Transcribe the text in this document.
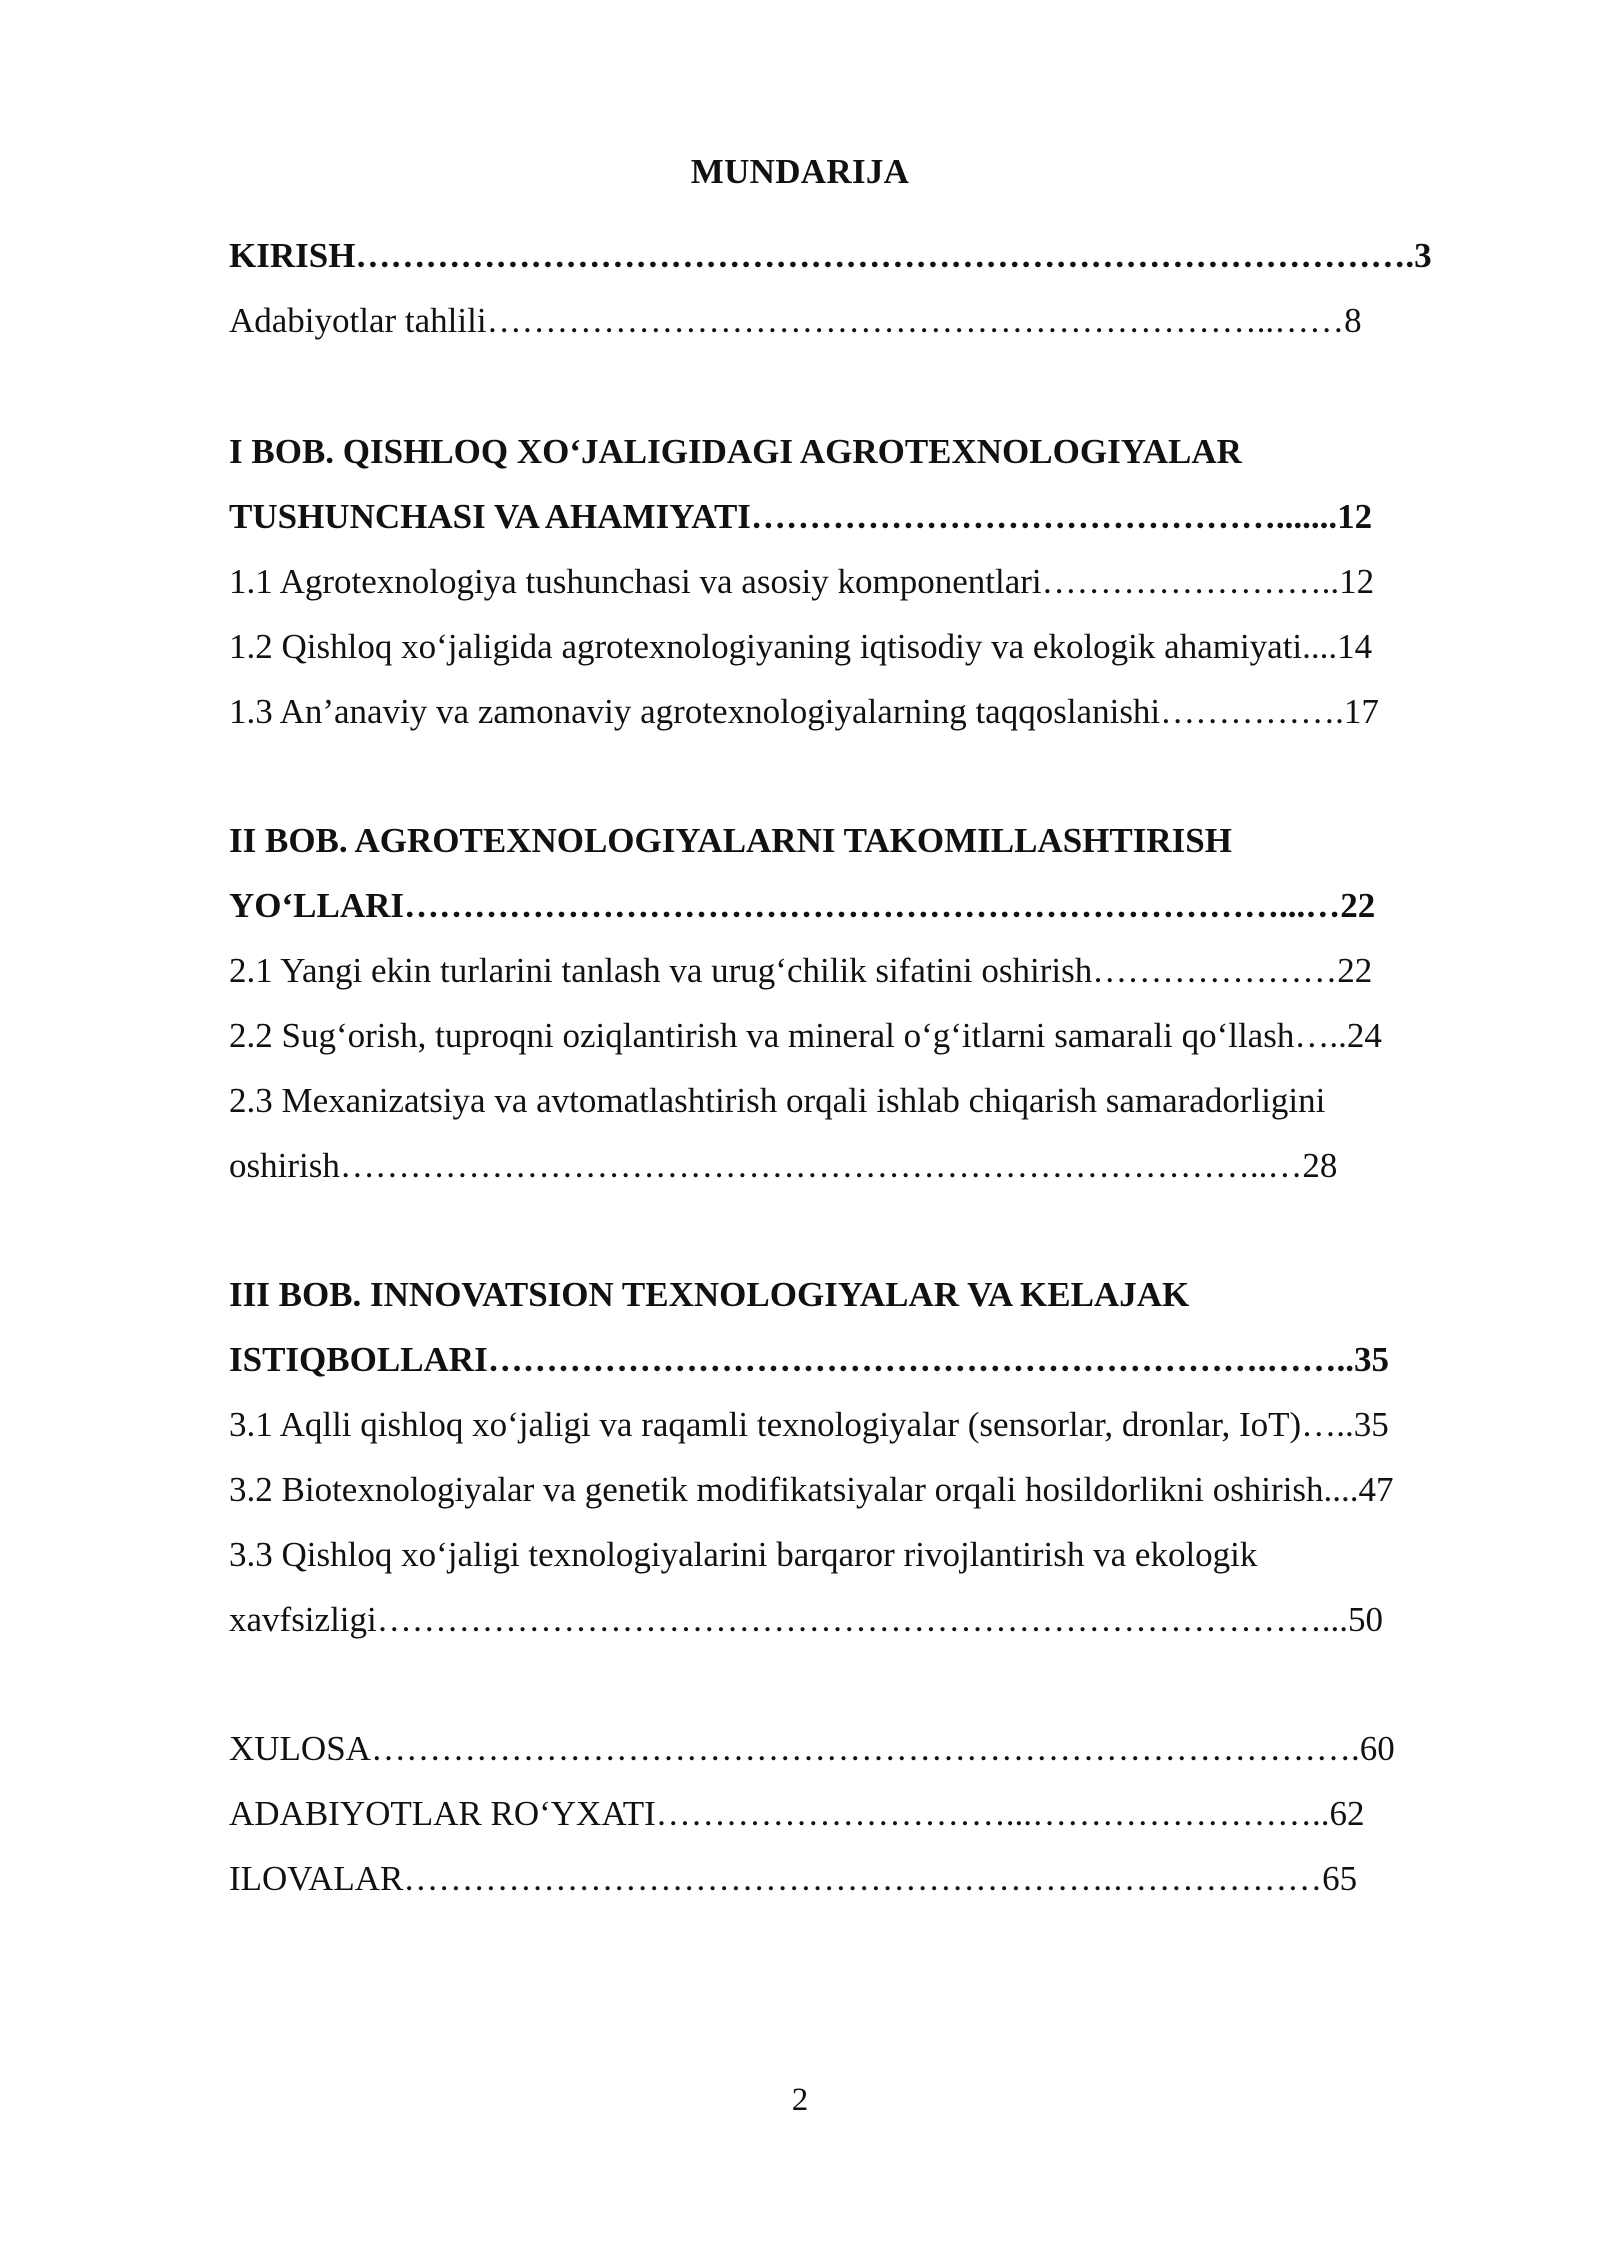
MUNDARIJA
KIRISH……………………………………………………………………………….3
Adabiyotlar tahlili…………………………………………………………..……8
I BOB. QISHLOQ XO‘JALIGIDAGI AGROTEXNOLOGIYALAR
TUSHUNCHASI VA AHAMIYATI……………………………………….......12
1.1 Agrotexnologiya tushunchasi va asosiy komponentlari……………………..12
1.2 Qishloq xo‘jaligida agrotexnologiyaning iqtisodiy va ekologik ahamiyati....14
1.3 An’anaviy va zamonaviy agrotexnologiyalarning taqqoslanishi…………….17
II BOB. AGROTEXNOLOGIYALARNI TAKOMILLASHTIRISH
YO‘LLARI…………………………………………………………………...…22
2.1 Yangi ekin turlarini tanlash va urug‘chilik sifatini oshirish…………………22
2.2 Sug‘orish, tuproqni oziqlantirish va mineral o‘g‘itlarni samarali qo‘llash…..24
2.3 Mexanizatsiya va avtomatlashtirish orqali ishlab chiqarish samaradorligini
oshirish……………………………………………………………………..…28
III BOB. INNOVATSION TEXNOLOGIYALAR VA KELAJAK
ISTIQBOLLARI………………………………………………………….……..35
3.1 Aqlli qishloq xo‘jaligi va raqamli texnologiyalar (sensorlar, dronlar, IoT)…..35
3.2 Biotexnologiyalar va genetik modifikatsiyalar orqali hosildorlikni oshirish....47
3.3 Qishloq xo‘jaligi texnologiyalarini barqaror rivojlantirish va ekologik
xavfsizligi………………………………………………………………………...50
XULOSA………………………………………………………………………….60
ADABIYOTLAR RO‘YXATI…………………………...……………………..62
ILOVALAR…………………………………………………….………………65
2
